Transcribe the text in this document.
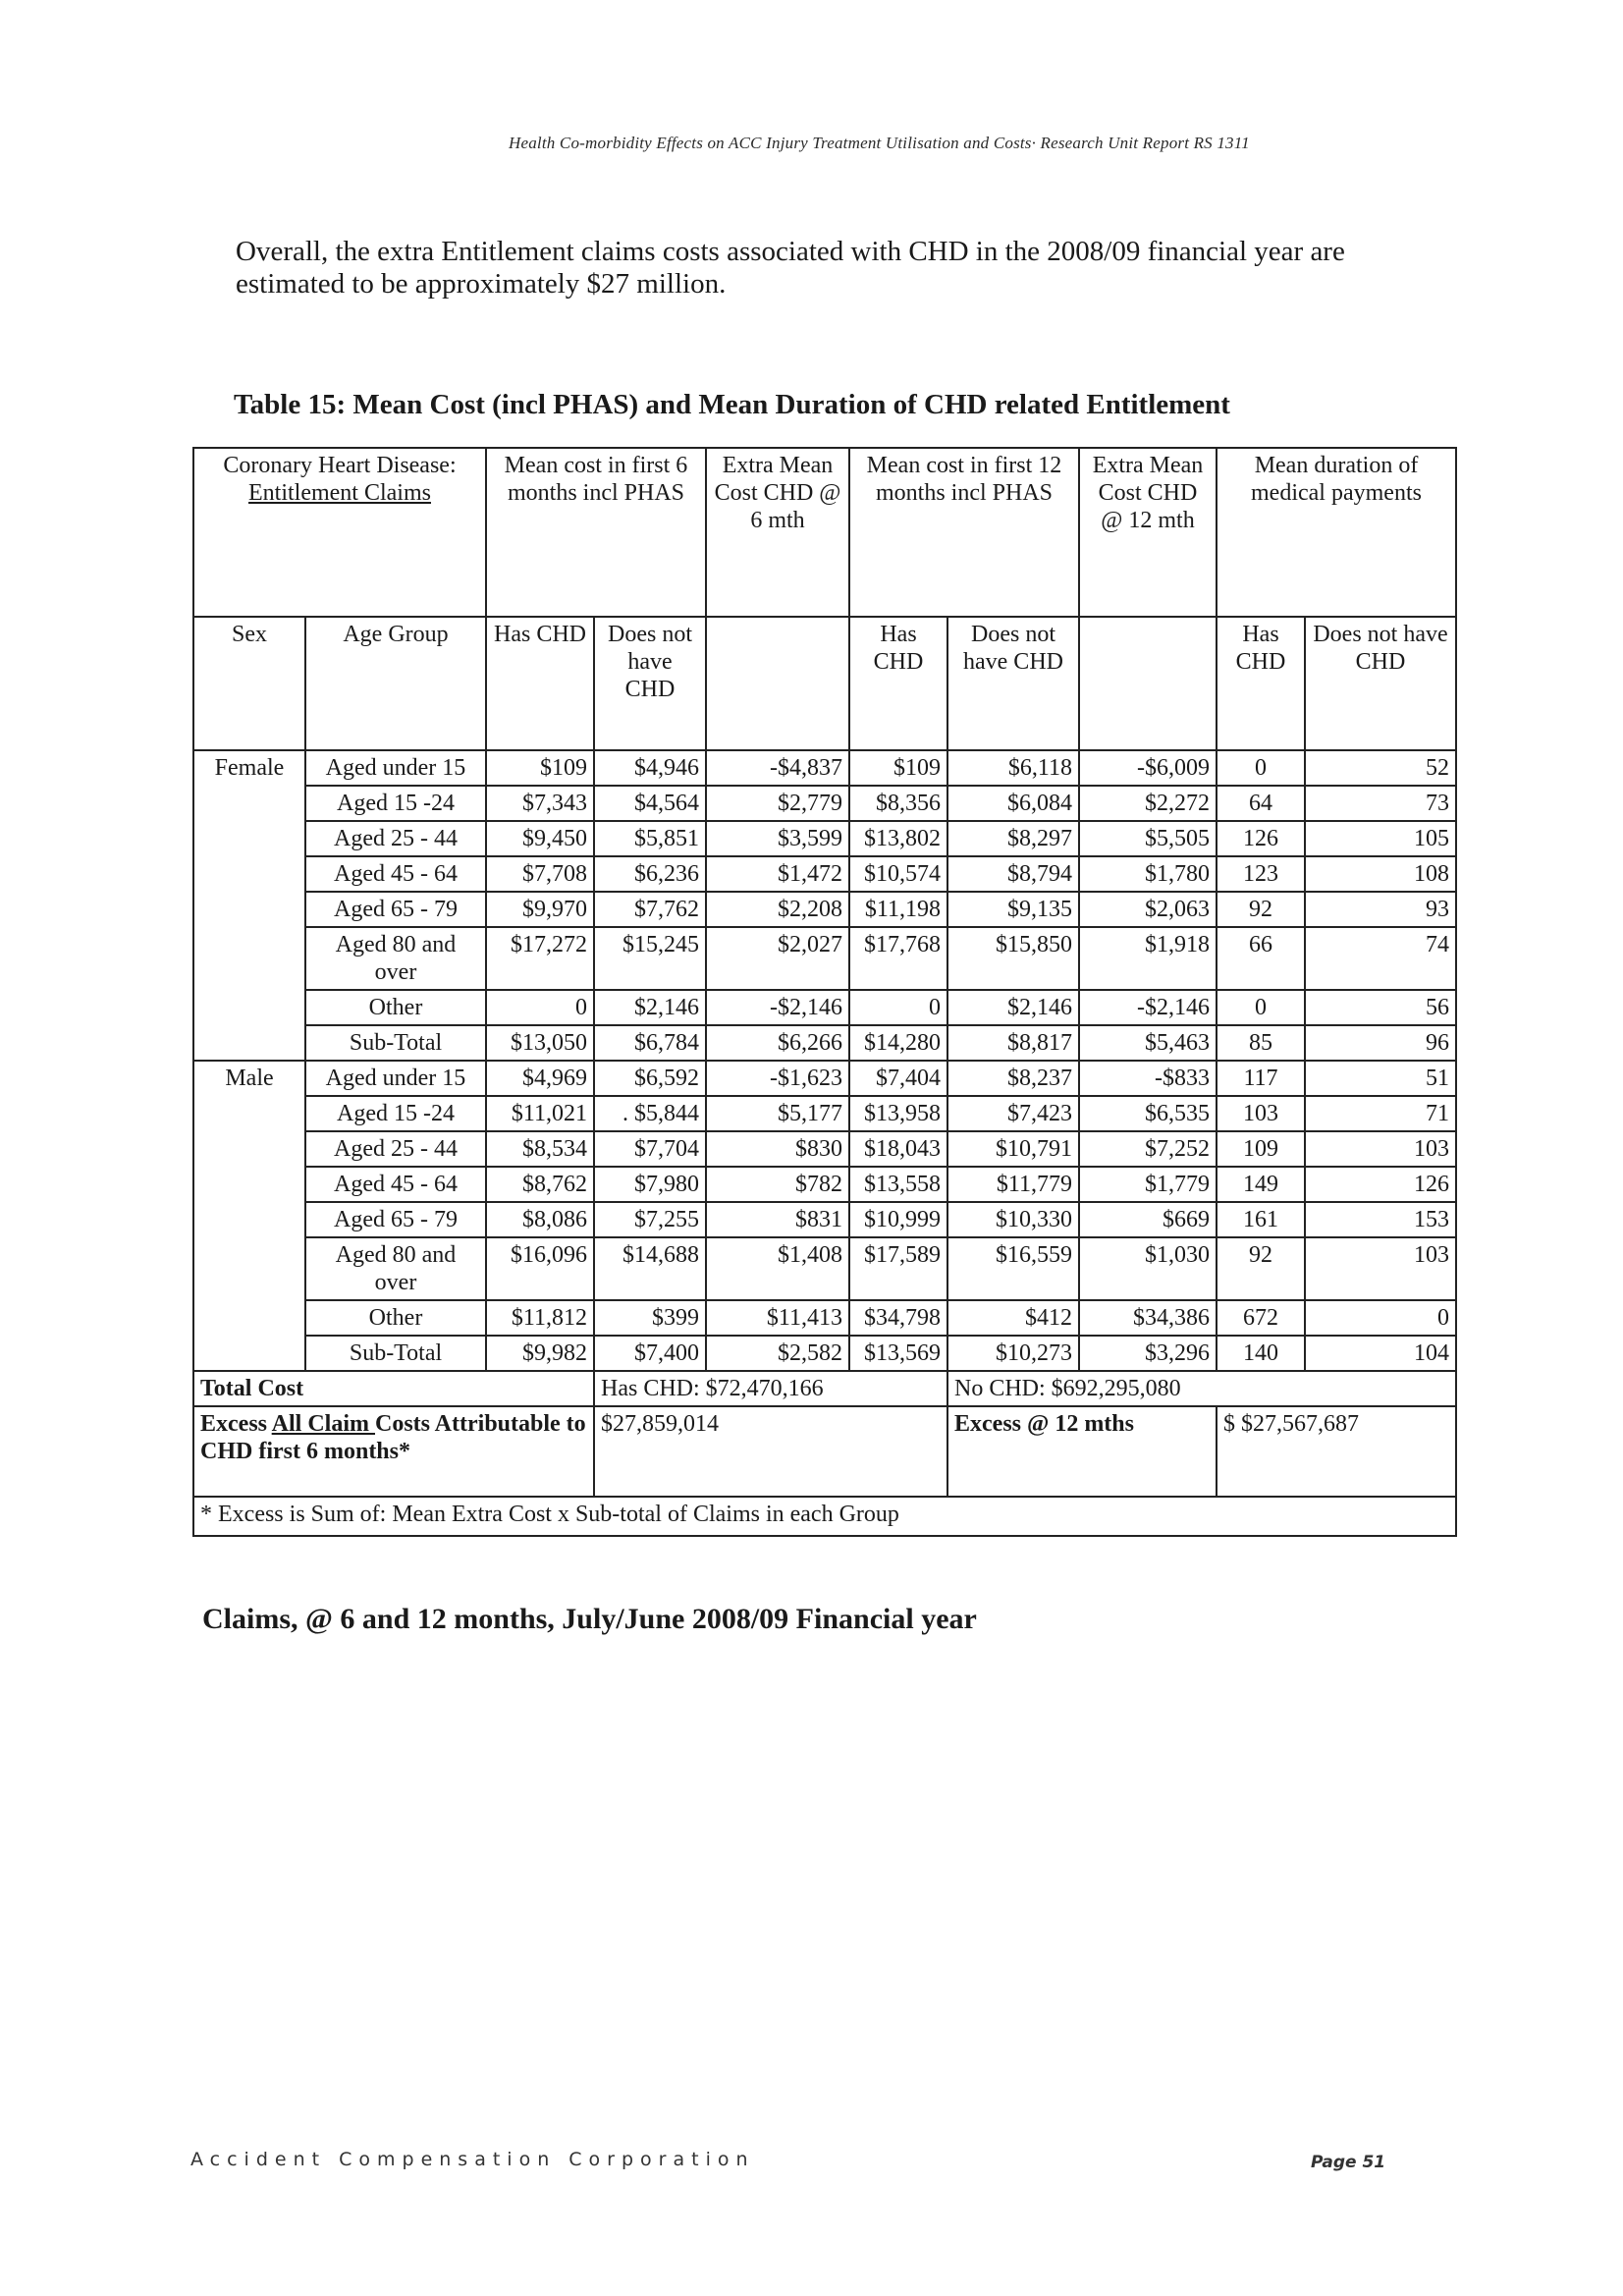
Health Co-morbidity Effects on ACC Injury Treatment Utilisation and Costs· Research Unit Report RS 1311
Overall, the extra Entitlement claims costs associated with CHD in the 2008/09 financial year are estimated to be approximately $27 million.
Table 15: Mean Cost (incl PHAS) and Mean Duration of CHD related Entitlement
Coronary Heart Disease:
Entitlement Claims		Mean cost in first 6 months incl PHAS		Extra Mean Cost CHD @ 6 mth	Mean cost in first 12 months incl PHAS		Extra Mean Cost CHD @ 12 mth	Mean duration of medical payments	
Sex	Age Group	Has CHD	Does not have CHD		Has CHD	Does not have CHD		Has CHD	Does not have CHD
Female	Aged under 15	$109	$4,946	-$4,837	$109	$6,118	-$6,009	0	52
	Aged 15 -24	$7,343	$4,564	$2,779	$8,356	$6,084	$2,272	64	73
	Aged 25 - 44	$9,450	$5,851	$3,599	$13,802	$8,297	$5,505	126	105
	Aged 45 - 64	$7,708	$6,236	$1,472	$10,574	$8,794	$1,780	123	108
	Aged 65 - 79	$9,970	$7,762	$2,208	$11,198	$9,135	$2,063	92	93
	Aged 80 and over	$17,272	$15,245	$2,027	$17,768	$15,850	$1,918	66	74
	Other	0	$2,146	-$2,146	0	$2,146	-$2,146	0	56
	Sub-Total	$13,050	$6,784	$6,266	$14,280	$8,817	$5,463	85	96
Male	Aged under 15	$4,969	$6,592	-$1,623	$7,404	$8,237	-$833	117	51
	Aged 15 -24	$11,021	. $5,844	$5,177	$13,958	$7,423	$6,535	103	71
	Aged 25 - 44	$8,534	$7,704	$830	$18,043	$10,791	$7,252	109	103
	Aged 45 - 64	$8,762	$7,980	$782	$13,558	$11,779	$1,779	149	126
	Aged 65 - 79	$8,086	$7,255	$831	$10,999	$10,330	$669	161	153
	Aged 80 and over	$16,096	$14,688	$1,408	$17,589	$16,559	$1,030	92	103
	Other	$11,812	$399	$11,413	$34,798	$412	$34,386	672	0
	Sub-Total	$9,982	$7,400	$2,582	$13,569	$10,273	$3,296	140	104
Total Cost			Has CHD: $72,470,166			No CHD: $692,295,080			
Excess All Claim Costs Attributable to CHD first 6 months*			$27,859,014			Excess @ 12 mths		$ $27,567,687	
* Excess is Sum of: Mean Extra Cost x Sub-total of Claims in each Group									
Claims, @ 6 and 12 months, July/June 2008/09 Financial year
Accident Compensation Corporation	Page 51
